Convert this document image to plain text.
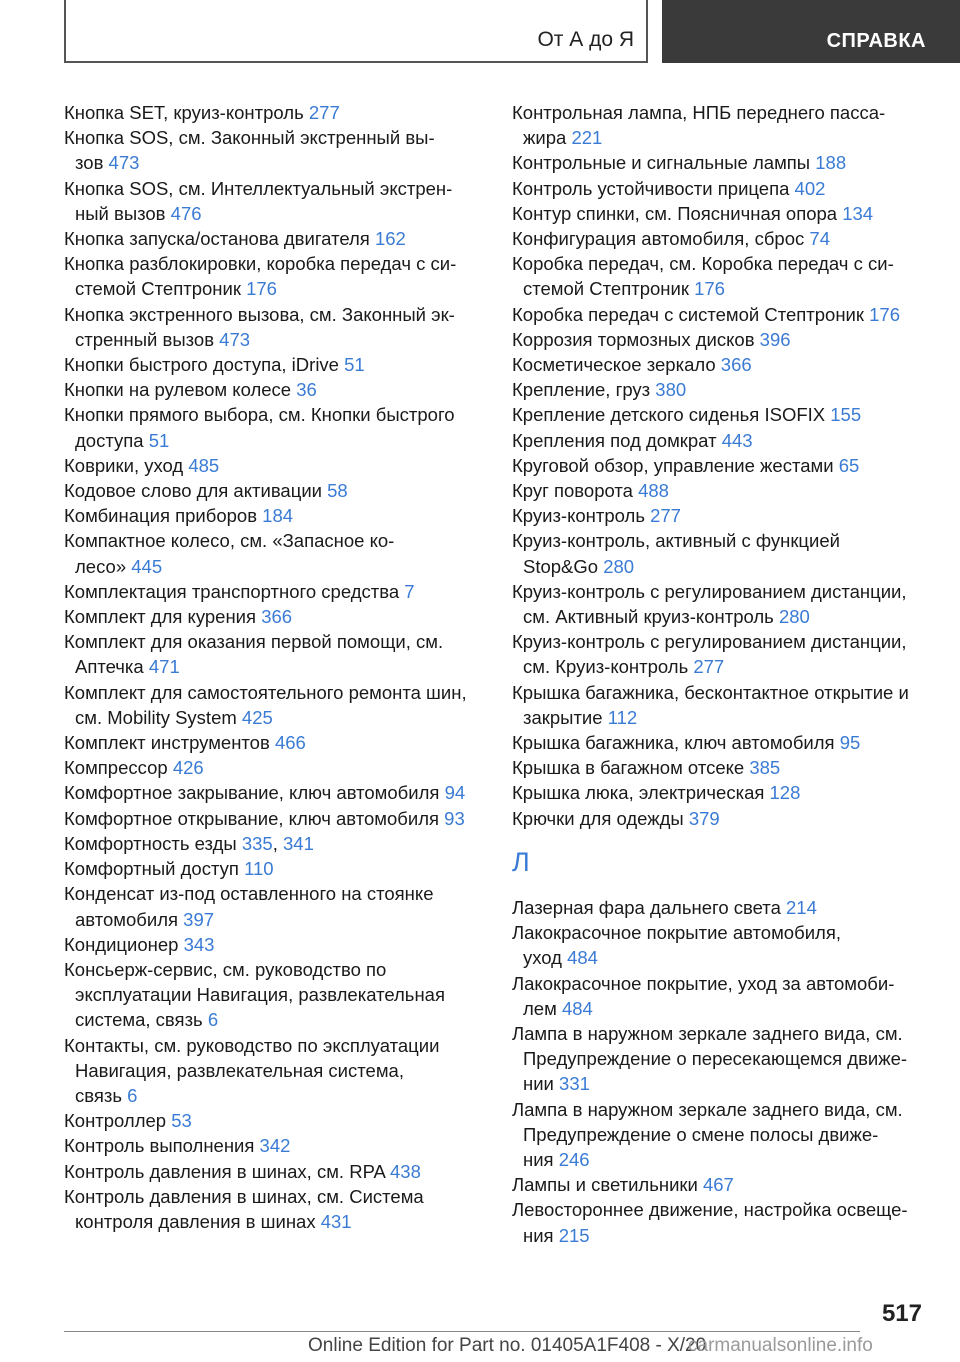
От А до Я	СПРАВКА

Кнопка SET, круиз-контроль 277

Кнопка SOS, см. Законный экстренный вы-
зов 473

Кнопка SOS, см. Интеллектуальный экстрен-
ный вызов 476

Кнопка запуска/останова двигателя 162

Кнопка разблокировки, коробка передач с си-
стемой Стептроник 176

Кнопка экстренного вызова, см. Законный эк-
стренный вызов 473

Кнопки быстрого доступа, iDrive 51

Кнопки на рулевом колесе 36

Кнопки прямого выбора, см. Кнопки быстрого
доступа 51

Коврики, уход 485

Кодовое слово для активации 58

Комбинация приборов 184

Компактное колесо, см. «Запасное ко-
лесо» 445

Комплектация транспортного средства 7

Комплект для курения 366

Комплект для оказания первой помощи, см.
Аптечка 471

Комплект для самостоятельного ремонта шин,
см. Mobility System 425

Комплект инструментов 466

Компрессор 426

Комфортное закрывание, ключ автомобиля 94

Комфортное открывание, ключ автомобиля 93

Комфортность езды 335, 341

Комфортный доступ 110

Конденсат из-под оставленного на стоянке
автомобиля 397

Кондиционер 343

Консьерж-сервис, см. руководство по
эксплуатации Навигация, развлекательная
система, связь 6

Контакты, см. руководство по эксплуатации
Навигация, развлекательная система,
связь 6

Контроллер 53

Контроль выполнения 342

Контроль давления в шинах, см. RPA 438

Контроль давления в шинах, см. Система
контроля давления в шинах 431

Контрольная лампа, НПБ переднего пасса-
жира 221

Контрольные и сигнальные лампы 188

Контроль устойчивости прицепа 402

Контур спинки, см. Поясничная опора 134

Конфигурация автомобиля, сброс 74

Коробка передач, см. Коробка передач с си-
стемой Стептроник 176

Коробка передач с системой Стептроник 176

Коррозия тормозных дисков 396

Косметическое зеркало 366

Крепление, груз 380

Крепление детского сиденья ISOFIX 155

Крепления под домкрат 443

Круговой обзор, управление жестами 65

Круг поворота 488

Круиз-контроль 277

Круиз-контроль, активный с функцией
Stop&Go 280

Круиз-контроль с регулированием дистанции,
см. Активный круиз-контроль 280

Круиз-контроль с регулированием дистанции,
см. Круиз-контроль 277

Крышка багажника, бесконтактное открытие и
закрытие 112

Крышка багажника, ключ автомобиля 95

Крышка в багажном отсеке 385

Крышка люка, электрическая 128

Крючки для одежды 379

Л

Лазерная фара дальнего света 214

Лакокрасочное покрытие автомобиля,
уход 484

Лакокрасочное покрытие, уход за автомоби-
лем 484

Лампа в наружном зеркале заднего вида, см.
Предупреждение о пересекающемся движе-
нии 331

Лампа в наружном зеркале заднего вида, см.
Предупреждение о смене полосы движе-
ния 246

Лампы и светильники 467

Левостороннее движение, настройка освеще-
ния 215

517
Online Edition for Part no. 01405A1F408 - X/20
carmanualsonline.info
